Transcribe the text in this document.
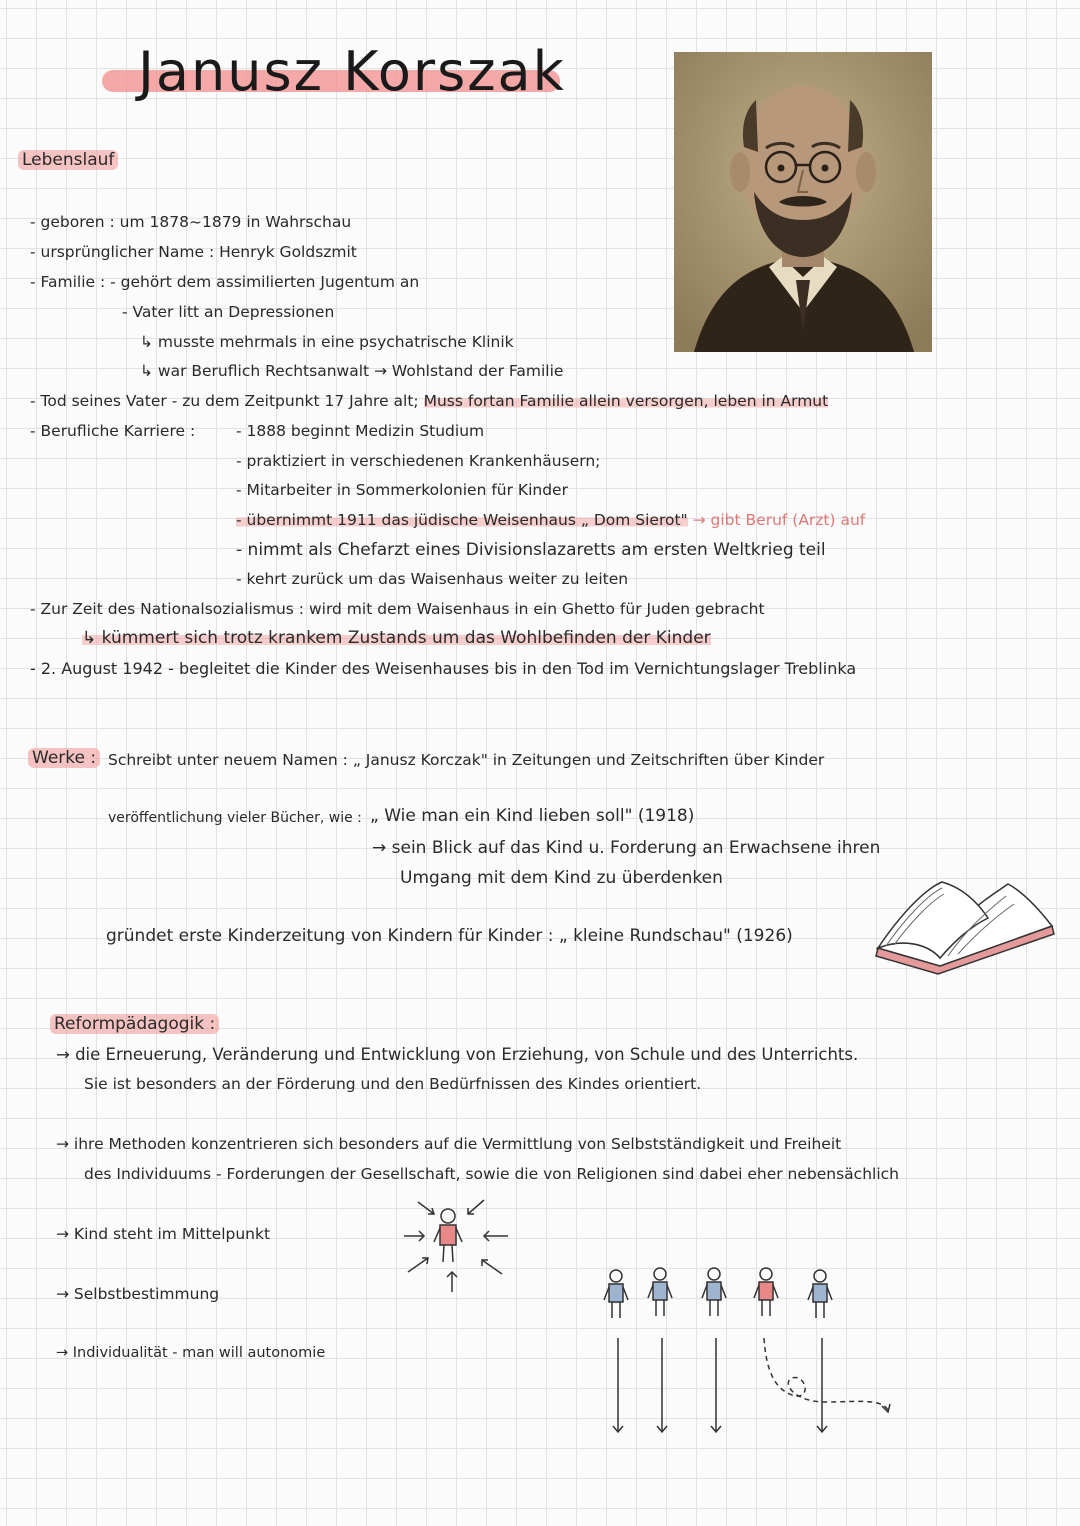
Janusz Korszak
Lebenslauf
- geboren : um 1878~1879 in Wahrschau
- ursprünglicher Name : Henryk Goldszmit
- Familie : - gehört dem assimilierten Jugentum an
- Vater litt an Depressionen
↳ musste mehrmals in eine psychatrische Klinik
↳ war Beruflich Rechtsanwalt → Wohlstand der Familie
- Tod seines Vater - zu dem Zeitpunkt 17 Jahre alt; Muss fortan Familie allein versorgen, leben in Armut
- Berufliche Karriere :	- 1888 beginnt Medizin Studium
- praktiziert in verschiedenen Krankenhäusern;
- Mitarbeiter in Sommerkolonien für Kinder
- übernimmt 1911 das jüdische Weisenhaus „ Dom Sierot" → gibt Beruf (Arzt) auf
- nimmt als Chefarzt eines Divisionslazaretts am ersten Weltkrieg teil
- kehrt zurück um das Waisenhaus weiter zu leiten
- Zur Zeit des Nationalsozialismus : wird mit dem Waisenhaus in ein Ghetto für Juden gebracht
↳ kümmert sich trotz krankem Zustands um das Wohlbefinden der Kinder
- 2. August 1942 - begleitet die Kinder des Weisenhauses bis in den Tod im Vernichtungslager Treblinka
Werke : Schreibt unter neuem Namen : „ Janusz Korczak" in Zeitungen und Zeitschriften über Kinder
veröffentlichung vieler Bücher, wie : „ Wie man ein Kind lieben soll" (1918)
→ sein Blick auf das Kind u. Forderung an Erwachsene ihren
Umgang mit dem Kind zu überdenken
gründet erste Kinderzeitung von Kindern für Kinder : „ kleine Rundschau" (1926)
Reformpädagogik :
→ die Erneuerung, Veränderung und Entwicklung von Erziehung, von Schule und des Unterrichts.
Sie ist besonders an der Förderung und den Bedürfnissen des Kindes orientiert.
→ ihre Methoden konzentrieren sich besonders auf die Vermittlung von Selbstständigkeit und Freiheit
des Individuums - Forderungen der Gesellschaft, sowie die von Religionen sind dabei eher nebensächlich
→ Kind steht im Mittelpunkt
→ Selbstbestimmung
→ Individualität - man will autonomie
